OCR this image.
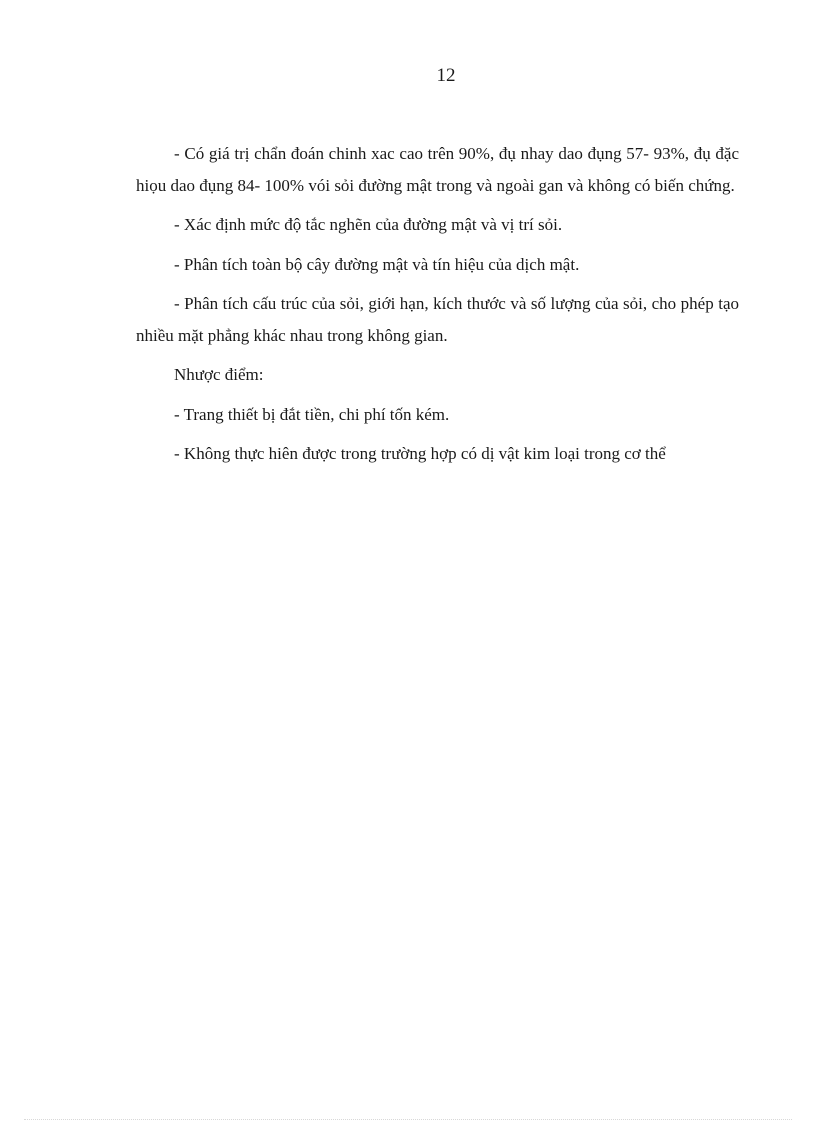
12

- Có giá trị chẩn đoán chinh xac cao trên 90%, đụ nhay dao đụng 57- 93%, đụ đặc hiọu dao đụng 84- 100% vói sỏi đường mật trong và ngoài gan và không có biến chứng.

- Xác định mức độ tắc nghẽn của đường mật và vị trí sỏi.

- Phân tích toàn bộ cây đường mật và tín hiệu của dịch mật.

- Phân tích cấu trúc của sỏi, giới hạn, kích thước và số lượng của sỏi, cho phép tạo nhiều mặt phẳng khác nhau trong không gian.

Nhược điểm:

- Trang thiết bị đắt tiền, chi phí tốn kém.

- Không thực hiên được trong trường hợp có dị vật kim loại trong cơ thể
